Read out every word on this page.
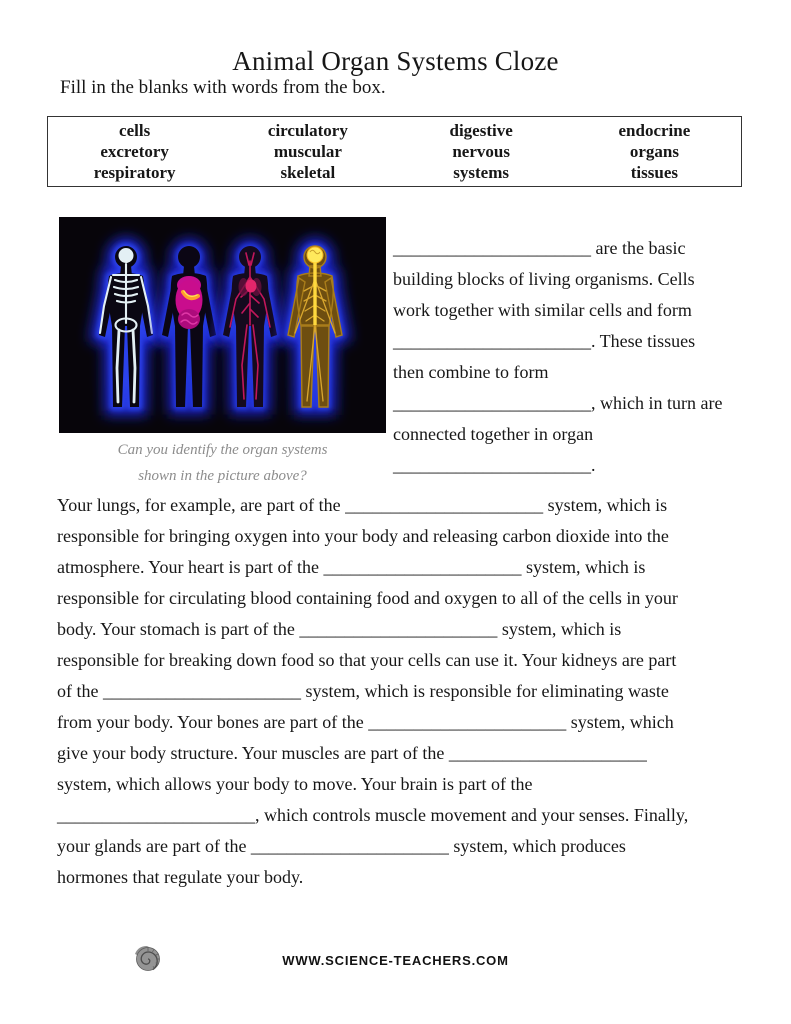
Animal Organ Systems Cloze
Fill in the blanks with words from the box.
cells
excretory
respiratory
circulatory
muscular
skeletal
digestive
nervous
systems
endocrine
organs
tissues
Can you identify the organ systems
shown in the picture above?
______________________ are the basic
building blocks of living organisms. Cells
work together with similar cells and form
______________________. These tissues
then combine to form
______________________, which in turn are
connected together in organ
______________________.
Your lungs, for example, are part of the ______________________ system, which is
responsible for bringing oxygen into your body and releasing carbon dioxide into the
atmosphere. Your heart is part of the ______________________ system, which is
responsible for circulating blood containing food and oxygen to all of the cells in your
body. Your stomach is part of the ______________________ system, which is
responsible for breaking down food so that your cells can use it. Your kidneys are part
of the ______________________ system, which is responsible for eliminating waste
from your body. Your bones are part of the ______________________ system, which
give your body structure. Your muscles are part of the ______________________
system, which allows your body to move. Your brain is part of the
______________________, which controls muscle movement and your senses. Finally,
your glands are part of the ______________________ system, which produces
hormones that regulate your body.
WWW.SCIENCE-TEACHERS.COM
